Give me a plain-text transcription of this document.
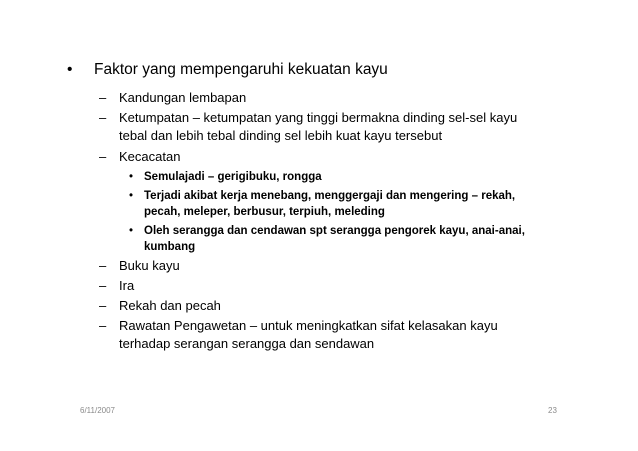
• Faktor yang mempengaruhi kekuatan kayu
– Kandungan lembapan
– Ketumpatan – ketumpatan yang tinggi bermakna dinding sel-sel kayu
tebal dan lebih tebal dinding sel lebih kuat kayu tersebut
– Kecacatan
• Semulajadi – gerigibuku, rongga
• Terjadi akibat kerja menebang, menggergaji dan mengering – rekah,
pecah, meleper, berbusur, terpiuh, meleding
• Oleh serangga dan cendawan spt serangga pengorek kayu, anai-anai,
kumbang
– Buku kayu
– Ira
– Rekah dan pecah
– Rawatan Pengawetan – untuk meningkatkan sifat kelasakan kayu
terhadap serangan serangga dan sendawan
6/11/2007	23
